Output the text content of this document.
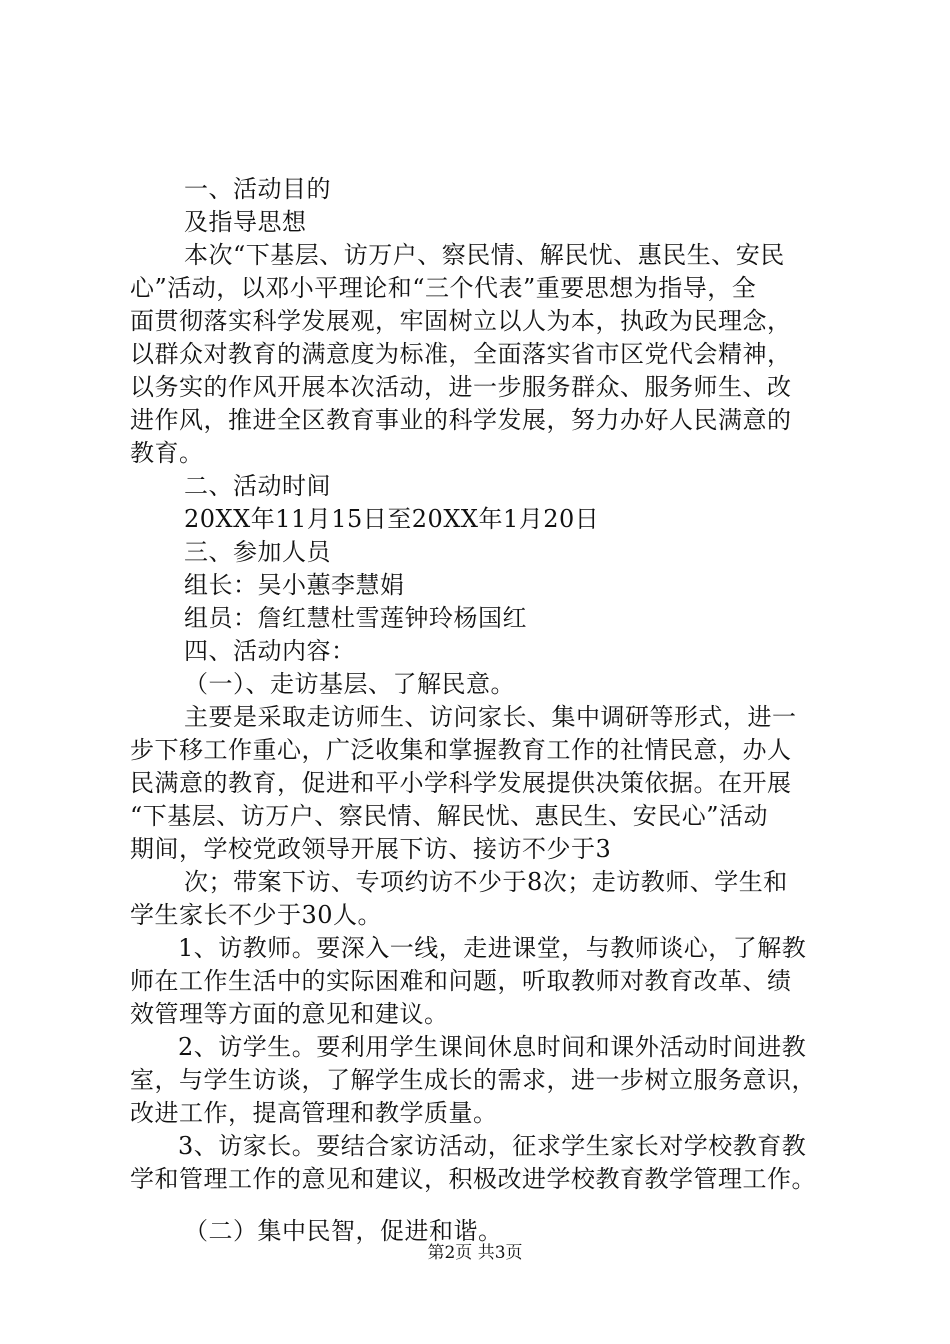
一、活动目的
及指导思想
本次“下基层、访万户、察民情、解民忧、惠民生、安民
心”活动，以邓小平理论和“三个代表”重要思想为指导，全
面贯彻落实科学发展观，牢固树立以人为本，执政为民理念，
以群众对教育的满意度为标准，全面落实省市区党代会精神，
以务实的作风开展本次活动，进一步服务群众、服务师生、改
进作风，推进全区教育事业的科学发展，努力办好人民满意的
教育。
二、活动时间
20XX年11月15日至20XX年1月20日
三、参加人员
组长：吴小蕙李慧娟
组员：詹红慧杜雪莲钟玲杨国红
四、活动内容：
（一）、走访基层、了解民意。
主要是采取走访师生、访问家长、集中调研等形式，进一
步下移工作重心，广泛收集和掌握教育工作的社情民意，办人
民满意的教育，促进和平小学科学发展提供决策依据。在开展
“下基层、访万户、察民情、解民忧、惠民生、安民心”活动
期间，学校党政领导开展下访、接访不少于3
次；带案下访、专项约访不少于8次；走访教师、学生和
学生家长不少于30人。
1、访教师。要深入一线，走进课堂，与教师谈心，了解教
师在工作生活中的实际困难和问题，听取教师对教育改革、绩
效管理等方面的意见和建议。
2、访学生。要利用学生课间休息时间和课外活动时间进教
室，与学生访谈，了解学生成长的需求，进一步树立服务意识，
改进工作，提高管理和教学质量。
3、访家长。要结合家访活动，征求学生家长对学校教育教
学和管理工作的意见和建议，积极改进学校教育教学管理工作。
（二）集中民智，促进和谐。
第2页 共3页
